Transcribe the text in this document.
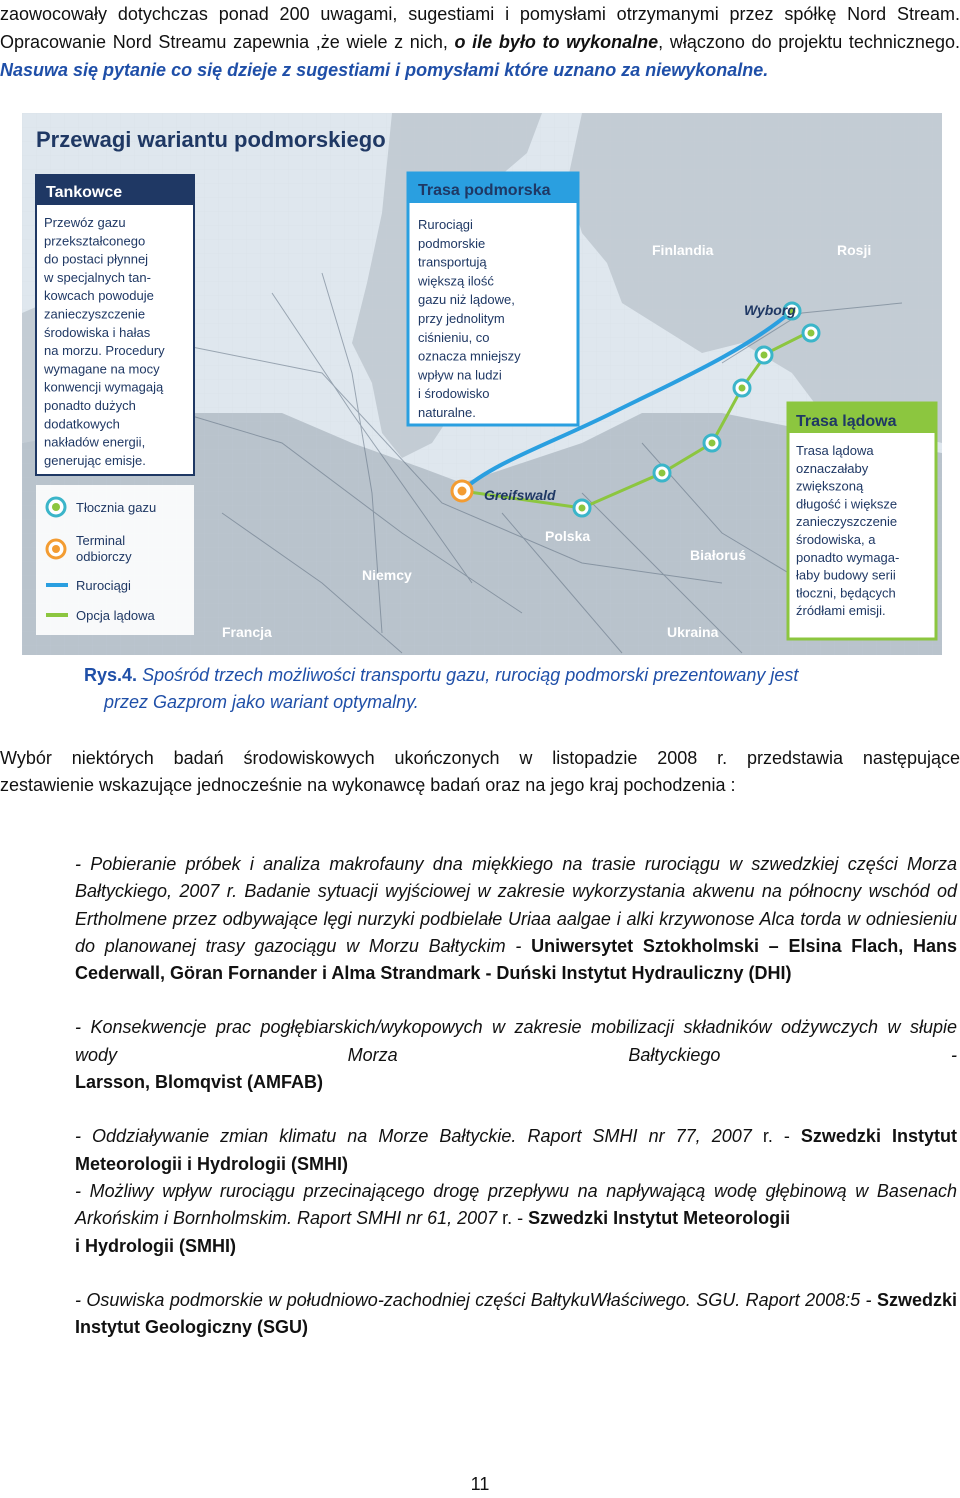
zaowocowały dotychczas ponad 200 uwagami, sugestiami i pomysłami otrzymanymi przez spółkę Nord Stream. Opracowanie Nord Streamu zapewnia ,że wiele z nich, o ile było to wykonalne, włączono do projektu technicznego. Nasuwa się pytanie co się dzieje z sugestiami i pomysłami które uznano za niewykonalne.

Przewagi wariantu podmorskiego
Tankowce
Przewóz gazu
przekształconego
do postaci płynnej
w specjalnych tan-
kowcach powoduje
zanieczyszczenie
środowiska i hałas
na morzu. Procedury
wymagane na mocy
konwencji wymagają
ponadto dużych
dodatkowych
nakładów energii,
generując emisje.
Tłocznia gazu
Terminal
odbiorczy
Rurociągi
Opcja lądowa
Trasa podmorska
Rurociągi
podmorskie
transportują
większą ilość
gazu niż lądowe,
przy jednolitym
ciśnieniu, co
oznacza mniejszy
wpływ na ludzi
i środowisko
naturalne.
Finlandia	Rosji
Polska
Białoruś
Niemcy
Francja	Ukraina
Wyborg
Greifswald
Trasa lądowa
Trasa lądowa
oznaczałaby
zwiększoną
długość i większe
zanieczyszczenie
środowiska, a
ponadto wymaga-
łaby budowy serii
tłoczni, będących
źródłami emisji.
Rys.4. Spośród trzech możliwości transportu gazu, rurociąg podmorski prezentowany jest
przez Gazprom jako wariant optymalny.

Wybór niektórych badań środowiskowych ukończonych w listopadzie 2008 r. przedstawia następujące

zestawienie wskazujące jednocześnie na wykonawcę badań oraz na jego kraj pochodzenia :

- Pobieranie próbek i analiza makrofauny dna miękkiego na trasie rurociągu w szwedzkiej części Morza Bałtyckiego, 2007 r. Badanie sytuacji wyjściowej w zakresie wykorzystania akwenu na północny wschód od Ertholmene przez odbywające lęgi nurzyki podbielałe Uriaa aalgae i alki krzywonose Alca torda w odniesieniu do planowanej trasy gazociągu w Morzu Bałtyckim - Uniwersytet Sztokholmski – Elsina Flach, Hans Cederwall, Göran Fornander i Alma Strandmark - Duński Instytut Hydrauliczny (DHI)

- Konsekwencje prac pogłębiarskich/wykopowych w zakresie mobilizacji składników odżywczych w słupie wody Morza Bałtyckiego -
Larsson, Blomqvist (AMFAB)

- Oddziaływanie zmian klimatu na Morze Bałtyckie. Raport SMHI nr 77, 2007 r. - Szwedzki Instytut Meteorologii i Hydrologii (SMHI)

- Możliwy wpływ rurociągu przecinającego drogę przepływu na napływającą wodę głębinową w Basenach Arkońskim i Bornholmskim. Raport SMHI nr 61, 2007 r. - Szwedzki Instytut Meteorologii
i Hydrologii (SMHI)

- Osuwiska podmorskie w południowo-zachodniej części BałtykuWłaściwego. SGU. Raport 2008:5 - Szwedzki Instytut Geologiczny (SGU)

11
